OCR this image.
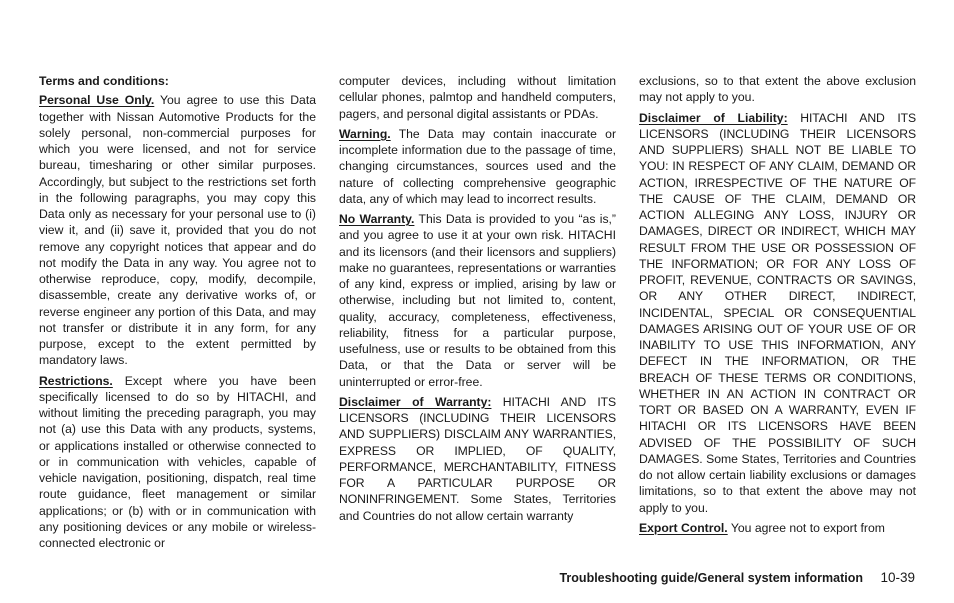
Terms and conditions:

Personal Use Only. You agree to use this Data together with Nissan Automotive Products for the solely personal, non-commercial purposes for which you were licensed, and not for service bureau, timesharing or other similar purposes. Accordingly, but subject to the restrictions set forth in the following paragraphs, you may copy this Data only as necessary for your personal use to (i) view it, and (ii) save it, provided that you do not remove any copyright notices that appear and do not modify the Data in any way. You agree not to otherwise reproduce, copy, modify, decompile, disassemble, create any derivative works of, or reverse engineer any portion of this Data, and may not transfer or distribute it in any form, for any purpose, except to the extent permitted by mandatory laws.

Restrictions. Except where you have been specifically licensed to do so by HITACHI, and without limiting the preceding paragraph, you may not (a) use this Data with any products, systems, or applications installed or otherwise connected to or in communication with vehicles, capable of vehicle navigation, positioning, dispatch, real time route guidance, fleet management or similar applications; or (b) with or in communication with any positioning devices or any mobile or wireless-connected electronic or

computer devices, including without limitation cellular phones, palmtop and handheld computers, pagers, and personal digital assistants or PDAs.

Warning. The Data may contain inaccurate or incomplete information due to the passage of time, changing circumstances, sources used and the nature of collecting comprehensive geographic data, any of which may lead to incorrect results.

No Warranty. This Data is provided to you “as is,” and you agree to use it at your own risk. HITACHI and its licensors (and their licensors and suppliers) make no guarantees, representations or warranties of any kind, express or implied, arising by law or otherwise, including but not limited to, content, quality, accuracy, completeness, effectiveness, reliability, fitness for a particular purpose, usefulness, use or results to be obtained from this Data, or that the Data or server will be uninterrupted or error-free.

Disclaimer of Warranty: HITACHI AND ITS LICENSORS (INCLUDING THEIR LICENSORS AND SUPPLIERS) DISCLAIM ANY WARRANTIES, EXPRESS OR IMPLIED, OF QUALITY, PERFORMANCE, MERCHANTABILITY, FITNESS FOR A PARTICULAR PURPOSE OR NONINFRINGEMENT. Some States, Territories and Countries do not allow certain warranty

exclusions, so to that extent the above exclusion may not apply to you.

Disclaimer of Liability: HITACHI AND ITS LICENSORS (INCLUDING THEIR LICENSORS AND SUPPLIERS) SHALL NOT BE LIABLE TO YOU: IN RESPECT OF ANY CLAIM, DEMAND OR ACTION, IRRESPECTIVE OF THE NATURE OF THE CAUSE OF THE CLAIM, DEMAND OR ACTION ALLEGING ANY LOSS, INJURY OR DAMAGES, DIRECT OR INDIRECT, WHICH MAY RESULT FROM THE USE OR POSSESSION OF THE INFORMATION; OR FOR ANY LOSS OF PROFIT, REVENUE, CONTRACTS OR SAVINGS, OR ANY OTHER DIRECT, INDIRECT, INCIDENTAL, SPECIAL OR CONSEQUENTIAL DAMAGES ARISING OUT OF YOUR USE OF OR INABILITY TO USE THIS INFORMATION, ANY DEFECT IN THE INFORMATION, OR THE BREACH OF THESE TERMS OR CONDITIONS, WHETHER IN AN ACTION IN CONTRACT OR TORT OR BASED ON A WARRANTY, EVEN IF HITACHI OR ITS LICENSORS HAVE BEEN ADVISED OF THE POSSIBILITY OF SUCH DAMAGES. Some States, Territories and Countries do not allow certain liability exclusions or damages limitations, so to that extent the above may not apply to you.

Export Control. You agree not to export from

Troubleshooting guide/General system information 10-39
